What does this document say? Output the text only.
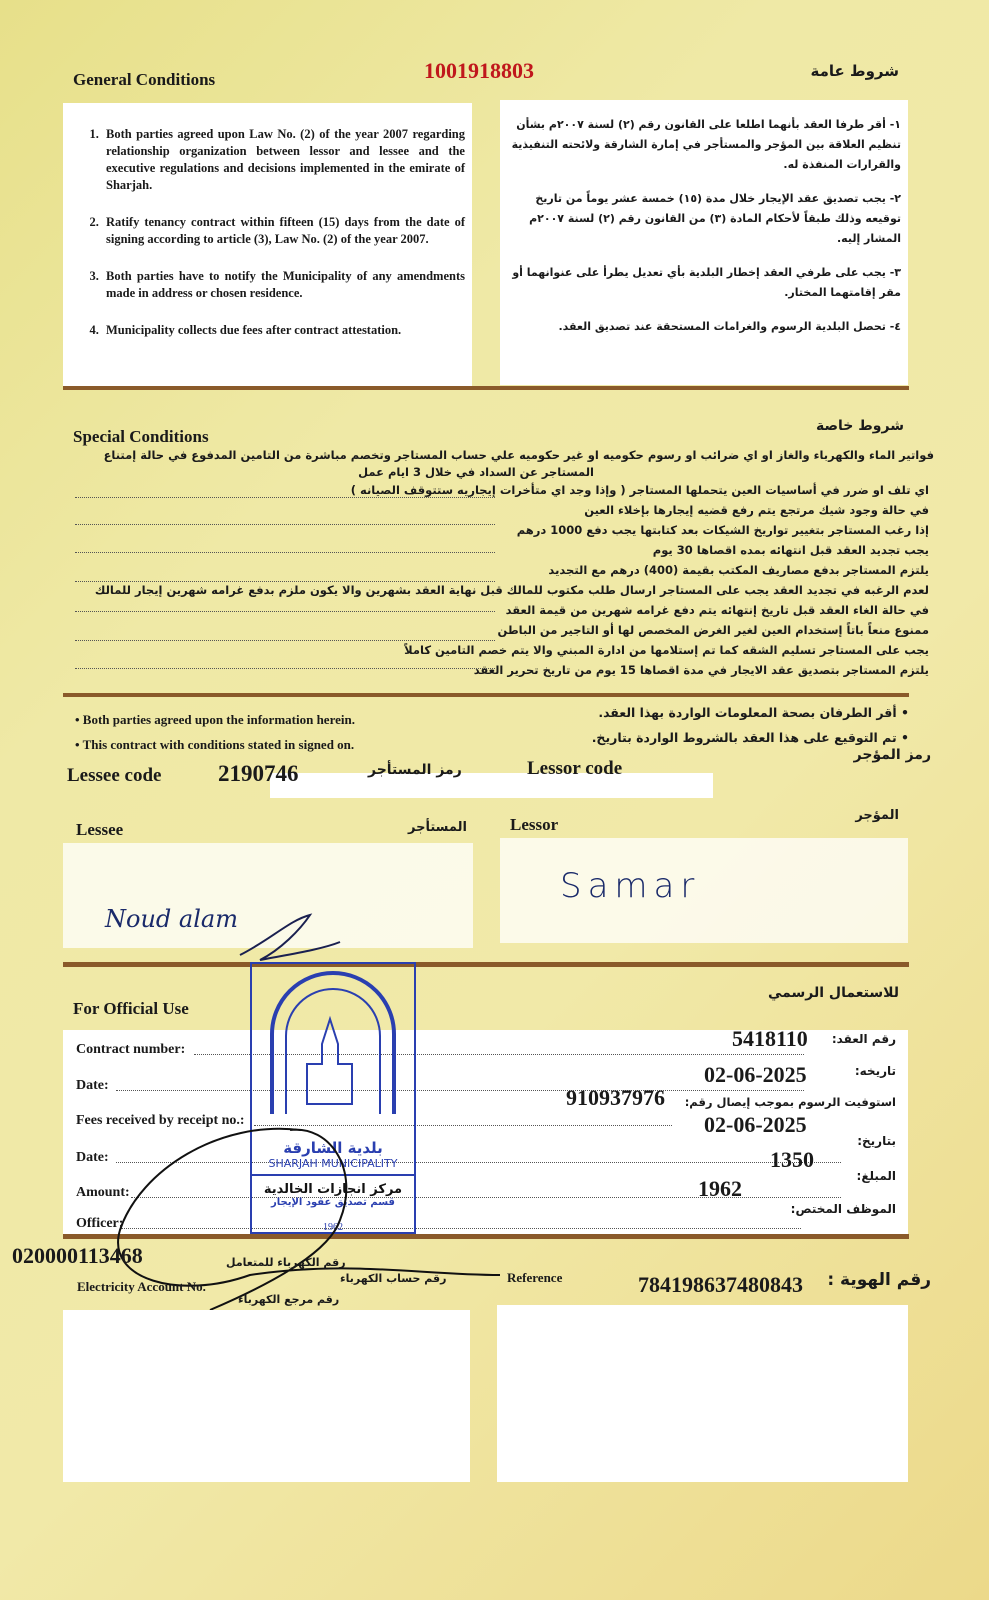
General Conditions	1001918803	شروط عامة
1. Both parties agreed upon Law No. (2) of the year 2007 regarding relationship organization between lessor and lessee and the executive regulations and decisions implemented in the emirate of Sharjah.
2. Ratify tenancy contract within fifteen (15) days from the date of signing according to article (3), Law No. (2) of the year 2007.
3. Both parties have to notify the Municipality of any amendments made in address or chosen residence.
4. Municipality collects due fees after contract attestation.
١- أقر طرفا العقد بأنهما اطلعا على القانون رقم (٢) لسنة ٢٠٠٧م بشأن تنظيم العلاقة بين المؤجر والمستأجر في إمارة الشارقة ولائحته التنفيذية والقرارات المنفذة له.
٢- يجب تصديق عقد الإيجار خلال مدة (١٥) خمسة عشر يوماً من تاريخ توقيعه وذلك طبقاً لأحكام المادة (٣) من القانون رقم (٢) لسنة ٢٠٠٧م المشار إليه.
٣- يجب على طرفي العقد إخطار البلدية بأي تعديل يطرأ على عنوانهما أو مقر إقامتهما المختار.
٤- تحصل البلدية الرسوم والغرامات المستحقة عند تصديق العقد.
Special Conditions
شروط خاصة
فواتير الماء والكهرباء والغاز او اي ضرائب او رسوم حكوميه او غير حكوميه علي حساب المستاجر وتخصم مباشرة من التامين المدفوع في حالة إمتناع
المستاجر عن السداد في خلال 3 ايام عمل
اي تلف او ضرر في أساسيات العين يتحملها المستاجر ( وإذا وجد اي متأخرات إيجاريه ستتوقف الصيانه )
في حالة وجود شيك مرتجع يتم رفع قضيه إيجارها بإخلاء العين
إذا رغب المستاجر بتغيير تواريخ الشيكات بعد كتابتها يجب دفع 1000 درهم
يجب تجديد العقد قبل انتهائه بمده اقصاها 30 يوم
يلتزم المستاجر بدفع مصاريف المكتب بقيمة (400) درهم مع التجديد
لعدم الرغبه في تجديد العقد يجب على المستاجر ارسال طلب مكتوب للمالك قبل نهاية العقد بشهرين والا يكون ملزم بدفع غرامه شهرين إيجار للمالك
في حالة الغاء العقد قبل تاريخ إنتهائه يتم دفع غرامه شهرين من قيمة العقد
ممنوع منعاً باتاً إستخدام العين لغير الغرض المخصص لها أو التاجير من الباطن
يجب على المستاجر تسليم الشقه كما تم إستلامها من ادارة المبني والا يتم خصم التامين كاملاً
يلتزم المستاجر بتصديق عقد الايجار في مدة اقصاها 15 يوم من تاريخ تحرير العقد
• Both parties agreed upon the information herein.
• This contract with conditions stated in signed on.
• أقر الطرفان بصحة المعلومات الواردة بهذا العقد.
• تم التوقيع على هذا العقد بالشروط الواردة بتاريخ.
Lessee code 2190746	رمز المستأجر	Lessor code
رمز المؤجر
Lessee	المستأجر	Lessor	المؤجر
Noud alam
Samar
For Official Use
للاستعمال الرسمي
Contract number:	5418110 رقم العقد:
Date:	02-06-2025	تاريخه:
Fees received by receipt no.:
910937976 استوفيت الرسوم بموجب إيصال رقم:
Date:
02-06-2025
بتاريخ:
Amount:
1350
المبلغ:
Officer:
1962
الموظف المختص:
بلدية الشارقة
SHARJAH MUNICIPALITY
مركز انجازات الخالدية
قسم تصديق عقود الإيجار
1962
020000113468	رقم الكهرباء للمتعامل
Electricity Account No.
رقم حساب الكهرباء
رقم مرجع الكهرباء
Reference	784198637480843 رقم الهوية :
